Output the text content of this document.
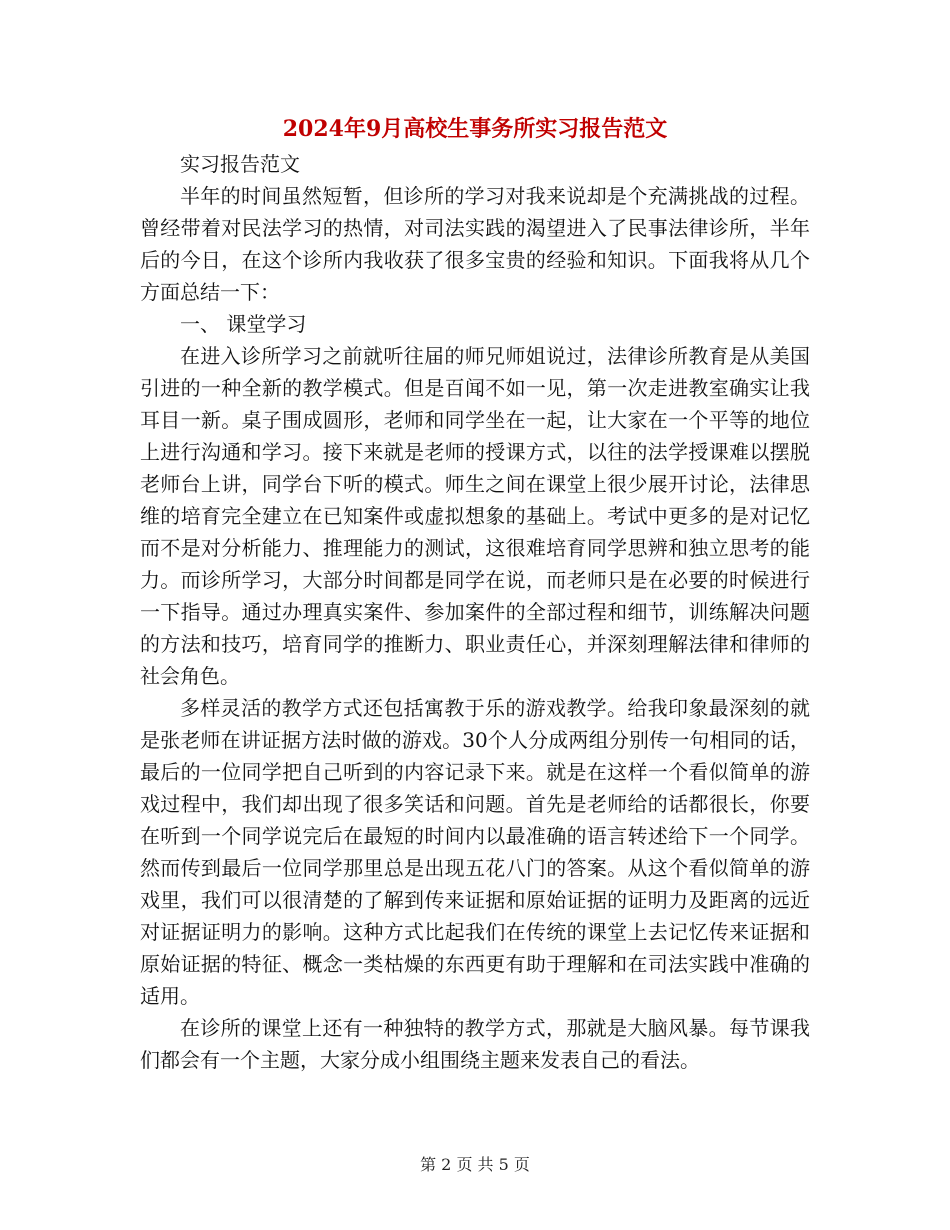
2024年9月高校生事务所实习报告范文

实习报告范文

半年的时间虽然短暂，但诊所的学习对我来说却是个充满挑战的过程。曾经带着对民法学习的热情，对司法实践的渴望进入了民事法律诊所，半年后的今日，在这个诊所内我收获了很多宝贵的经验和知识。下面我将从几个方面总结一下：

一、 课堂学习

在进入诊所学习之前就听往届的师兄师姐说过，法律诊所教育是从美国引进的一种全新的教学模式。但是百闻不如一见，第一次走进教室确实让我耳目一新。桌子围成圆形，老师和同学坐在一起，让大家在一个平等的地位上进行沟通和学习。接下来就是老师的授课方式，以往的法学授课难以摆脱老师台上讲，同学台下听的模式。师生之间在课堂上很少展开讨论，法律思维的培育完全建立在已知案件或虚拟想象的基础上。考试中更多的是对记忆而不是对分析能力、推理能力的测试，这很难培育同学思辨和独立思考的能力。而诊所学习，大部分时间都是同学在说，而老师只是在必要的时候进行一下指导。通过办理真实案件、参加案件的全部过程和细节，训练解决问题的方法和技巧，培育同学的推断力、职业责任心，并深刻理解法律和律师的社会角色。

多样灵活的教学方式还包括寓教于乐的游戏教学。给我印象最深刻的就是张老师在讲证据方法时做的游戏。30个人分成两组分别传一句相同的话，最后的一位同学把自己听到的内容记录下来。就是在这样一个看似简单的游戏过程中，我们却出现了很多笑话和问题。首先是老师给的话都很长，你要在听到一个同学说完后在最短的时间内以最准确的语言转述给下一个同学。然而传到最后一位同学那里总是出现五花八门的答案。从这个看似简单的游戏里，我们可以很清楚的了解到传来证据和原始证据的证明力及距离的远近对证据证明力的影响。这种方式比起我们在传统的课堂上去记忆传来证据和原始证据的特征、概念一类枯燥的东西更有助于理解和在司法实践中准确的适用。

在诊所的课堂上还有一种独特的教学方式，那就是大脑风暴。每节课我们都会有一个主题，大家分成小组围绕主题来发表自己的看法。

第 2 页 共 5 页
